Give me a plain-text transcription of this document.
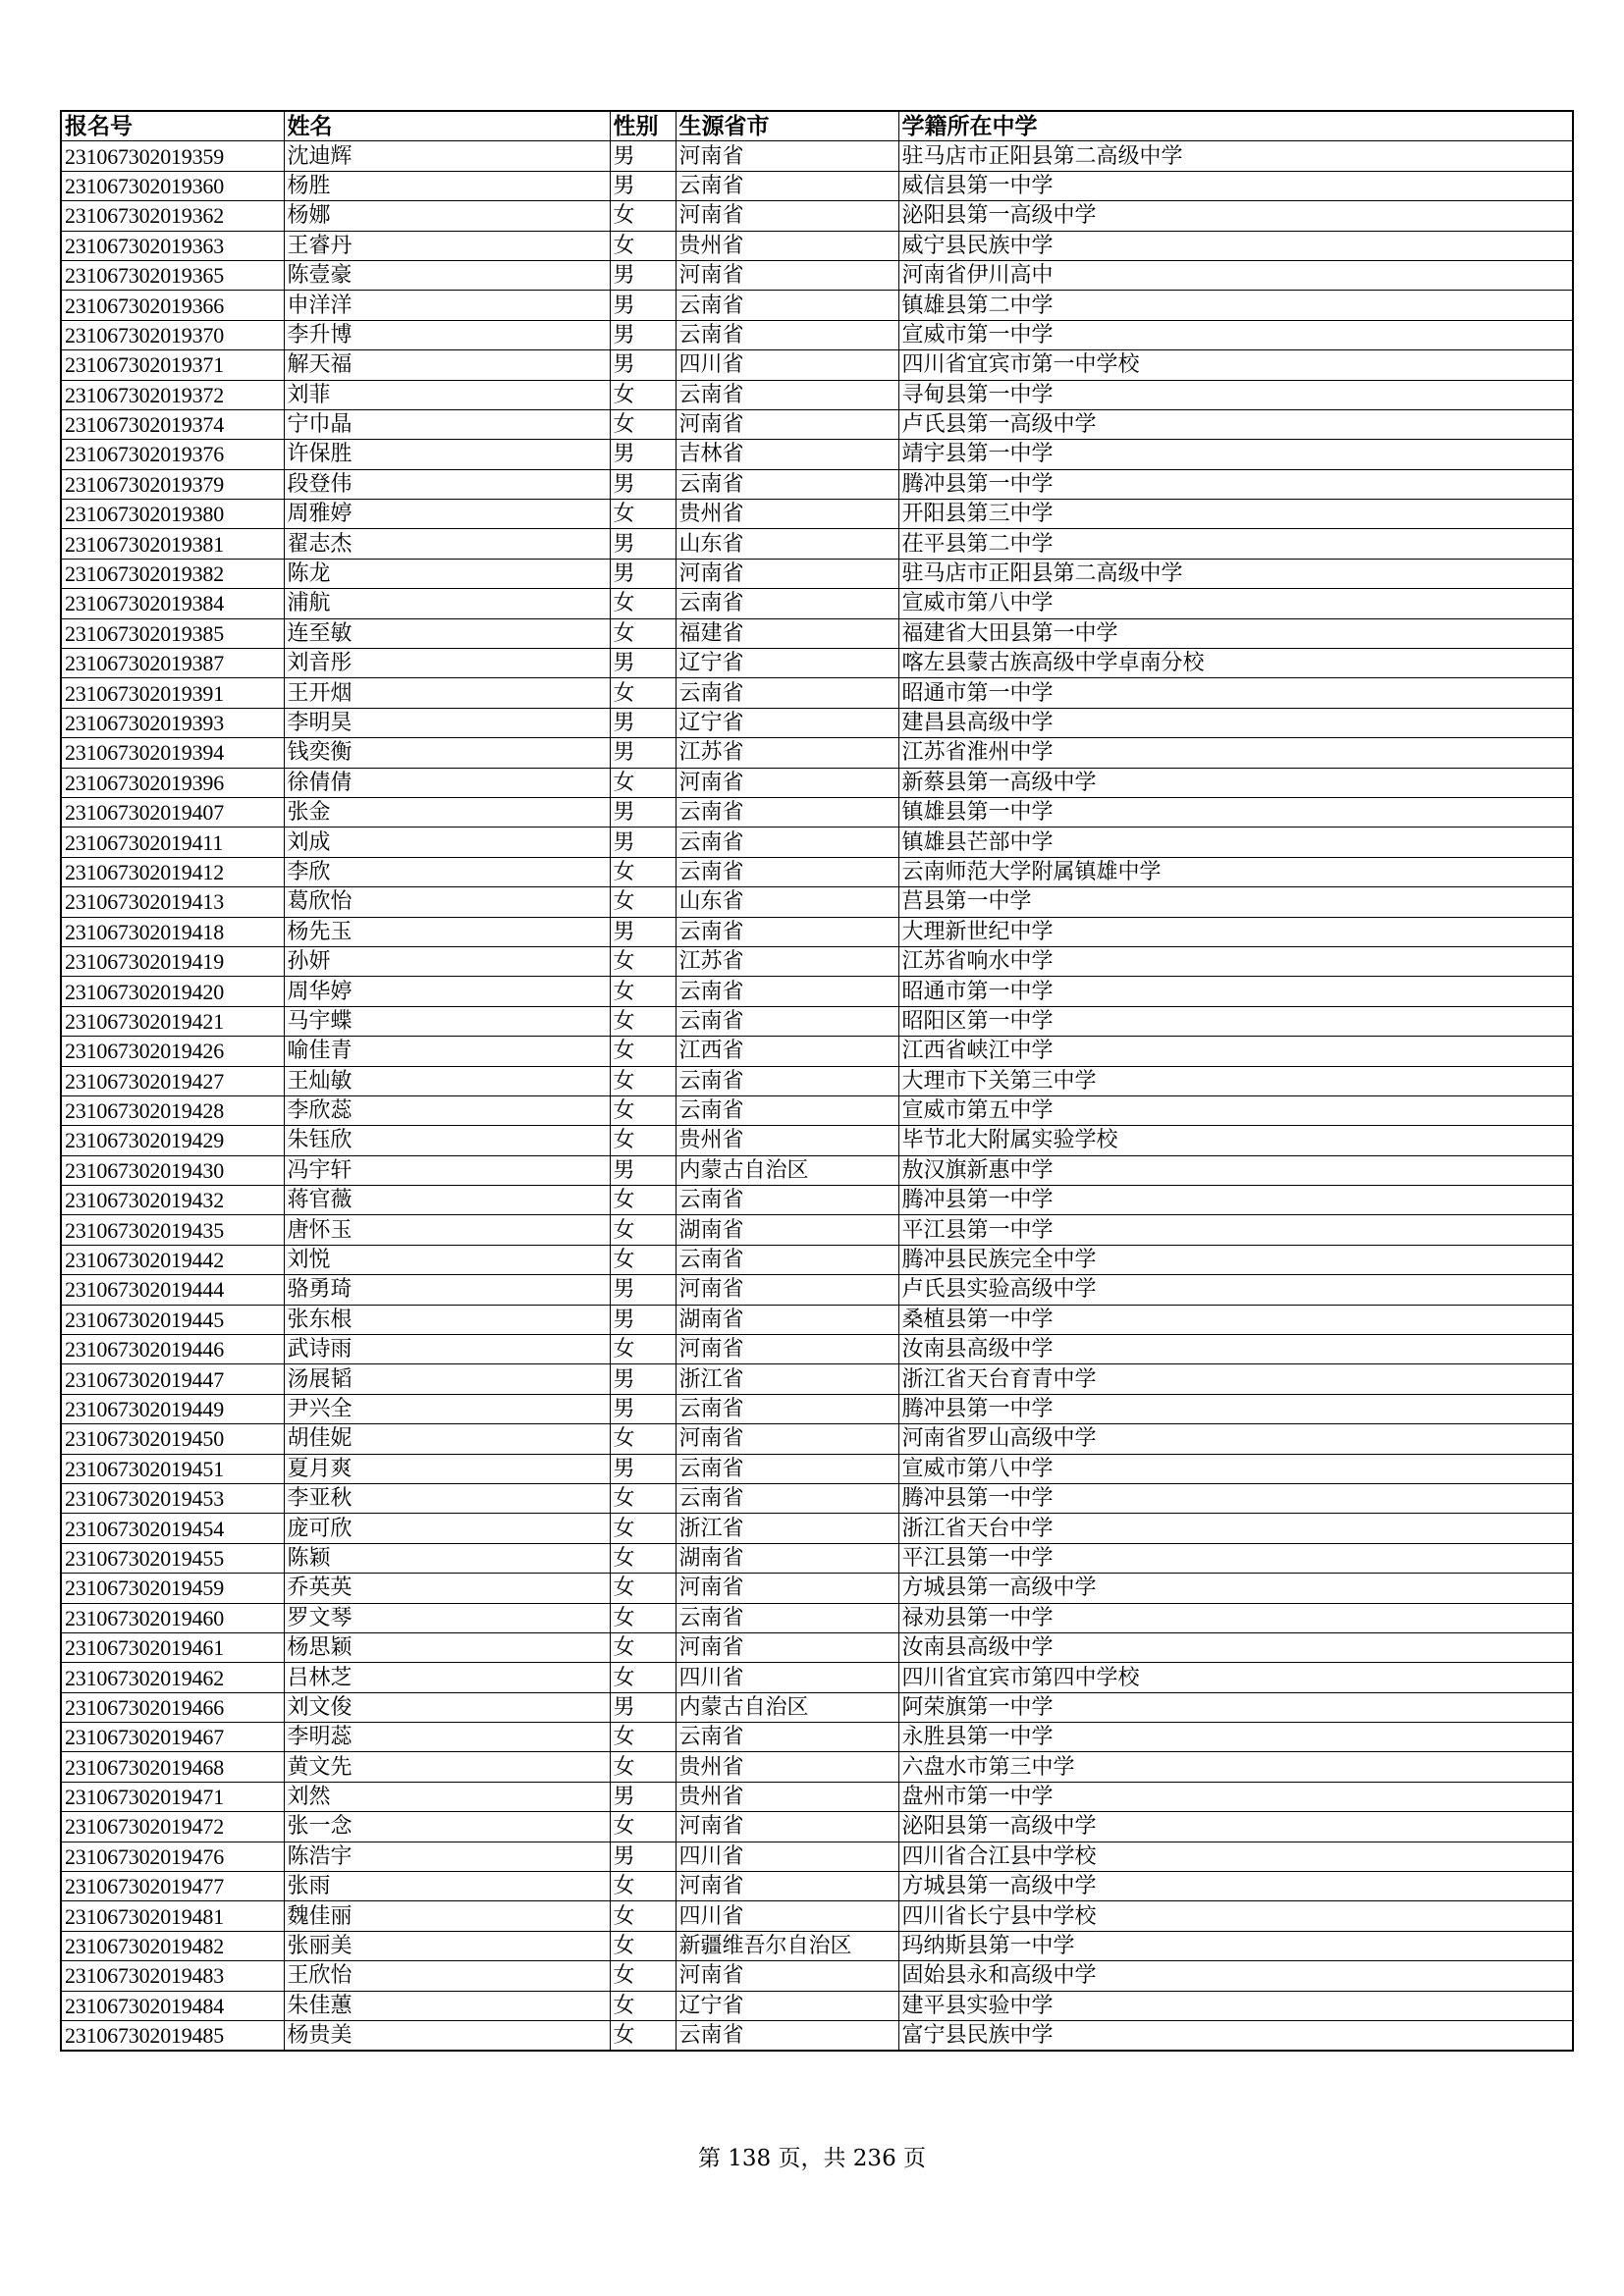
报名号	姓名	性别	生源省市	学籍所在中学
231067302019359	沈迪辉	男	河南省	驻马店市正阳县第二高级中学
231067302019360	杨胜	男	云南省	威信县第一中学
231067302019362	杨娜	女	河南省	泌阳县第一高级中学
231067302019363	王睿丹	女	贵州省	威宁县民族中学
231067302019365	陈壹豪	男	河南省	河南省伊川高中
231067302019366	申洋洋	男	云南省	镇雄县第二中学
231067302019370	李升博	男	云南省	宣威市第一中学
231067302019371	解天福	男	四川省	四川省宜宾市第一中学校
231067302019372	刘菲	女	云南省	寻甸县第一中学
231067302019374	宁巾晶	女	河南省	卢氏县第一高级中学
231067302019376	许保胜	男	吉林省	靖宇县第一中学
231067302019379	段登伟	男	云南省	腾冲县第一中学
231067302019380	周雅婷	女	贵州省	开阳县第三中学
231067302019381	翟志杰	男	山东省	茌平县第二中学
231067302019382	陈龙	男	河南省	驻马店市正阳县第二高级中学
231067302019384	浦航	女	云南省	宣威市第八中学
231067302019385	连至敏	女	福建省	福建省大田县第一中学
231067302019387	刘音彤	男	辽宁省	喀左县蒙古族高级中学卓南分校
231067302019391	王开烟	女	云南省	昭通市第一中学
231067302019393	李明昊	男	辽宁省	建昌县高级中学
231067302019394	钱奕衡	男	江苏省	江苏省淮州中学
231067302019396	徐倩倩	女	河南省	新蔡县第一高级中学
231067302019407	张金	男	云南省	镇雄县第一中学
231067302019411	刘成	男	云南省	镇雄县芒部中学
231067302019412	李欣	女	云南省	云南师范大学附属镇雄中学
231067302019413	葛欣怡	女	山东省	莒县第一中学
231067302019418	杨先玉	男	云南省	大理新世纪中学
231067302019419	孙妍	女	江苏省	江苏省响水中学
231067302019420	周华婷	女	云南省	昭通市第一中学
231067302019421	马宇蝶	女	云南省	昭阳区第一中学
231067302019426	喻佳青	女	江西省	江西省峡江中学
231067302019427	王灿敏	女	云南省	大理市下关第三中学
231067302019428	李欣蕊	女	云南省	宣威市第五中学
231067302019429	朱钰欣	女	贵州省	毕节北大附属实验学校
231067302019430	冯宇轩	男	内蒙古自治区	敖汉旗新惠中学
231067302019432	蒋官薇	女	云南省	腾冲县第一中学
231067302019435	唐怀玉	女	湖南省	平江县第一中学
231067302019442	刘悦	女	云南省	腾冲县民族完全中学
231067302019444	骆勇琦	男	河南省	卢氏县实验高级中学
231067302019445	张东根	男	湖南省	桑植县第一中学
231067302019446	武诗雨	女	河南省	汝南县高级中学
231067302019447	汤展韬	男	浙江省	浙江省天台育青中学
231067302019449	尹兴全	男	云南省	腾冲县第一中学
231067302019450	胡佳妮	女	河南省	河南省罗山高级中学
231067302019451	夏月爽	男	云南省	宣威市第八中学
231067302019453	李亚秋	女	云南省	腾冲县第一中学
231067302019454	庞可欣	女	浙江省	浙江省天台中学
231067302019455	陈颖	女	湖南省	平江县第一中学
231067302019459	乔英英	女	河南省	方城县第一高级中学
231067302019460	罗文琴	女	云南省	禄劝县第一中学
231067302019461	杨思颖	女	河南省	汝南县高级中学
231067302019462	吕林芝	女	四川省	四川省宜宾市第四中学校
231067302019466	刘文俊	男	内蒙古自治区	阿荣旗第一中学
231067302019467	李明蕊	女	云南省	永胜县第一中学
231067302019468	黄文先	女	贵州省	六盘水市第三中学
231067302019471	刘然	男	贵州省	盘州市第一中学
231067302019472	张一念	女	河南省	泌阳县第一高级中学
231067302019476	陈浩宇	男	四川省	四川省合江县中学校
231067302019477	张雨	女	河南省	方城县第一高级中学
231067302019481	魏佳丽	女	四川省	四川省长宁县中学校
231067302019482	张丽美	女	新疆维吾尔自治区	玛纳斯县第一中学
231067302019483	王欣怡	女	河南省	固始县永和高级中学
231067302019484	朱佳蕙	女	辽宁省	建平县实验中学
231067302019485	杨贵美	女	云南省	富宁县民族中学
第 138 页，共 236 页
